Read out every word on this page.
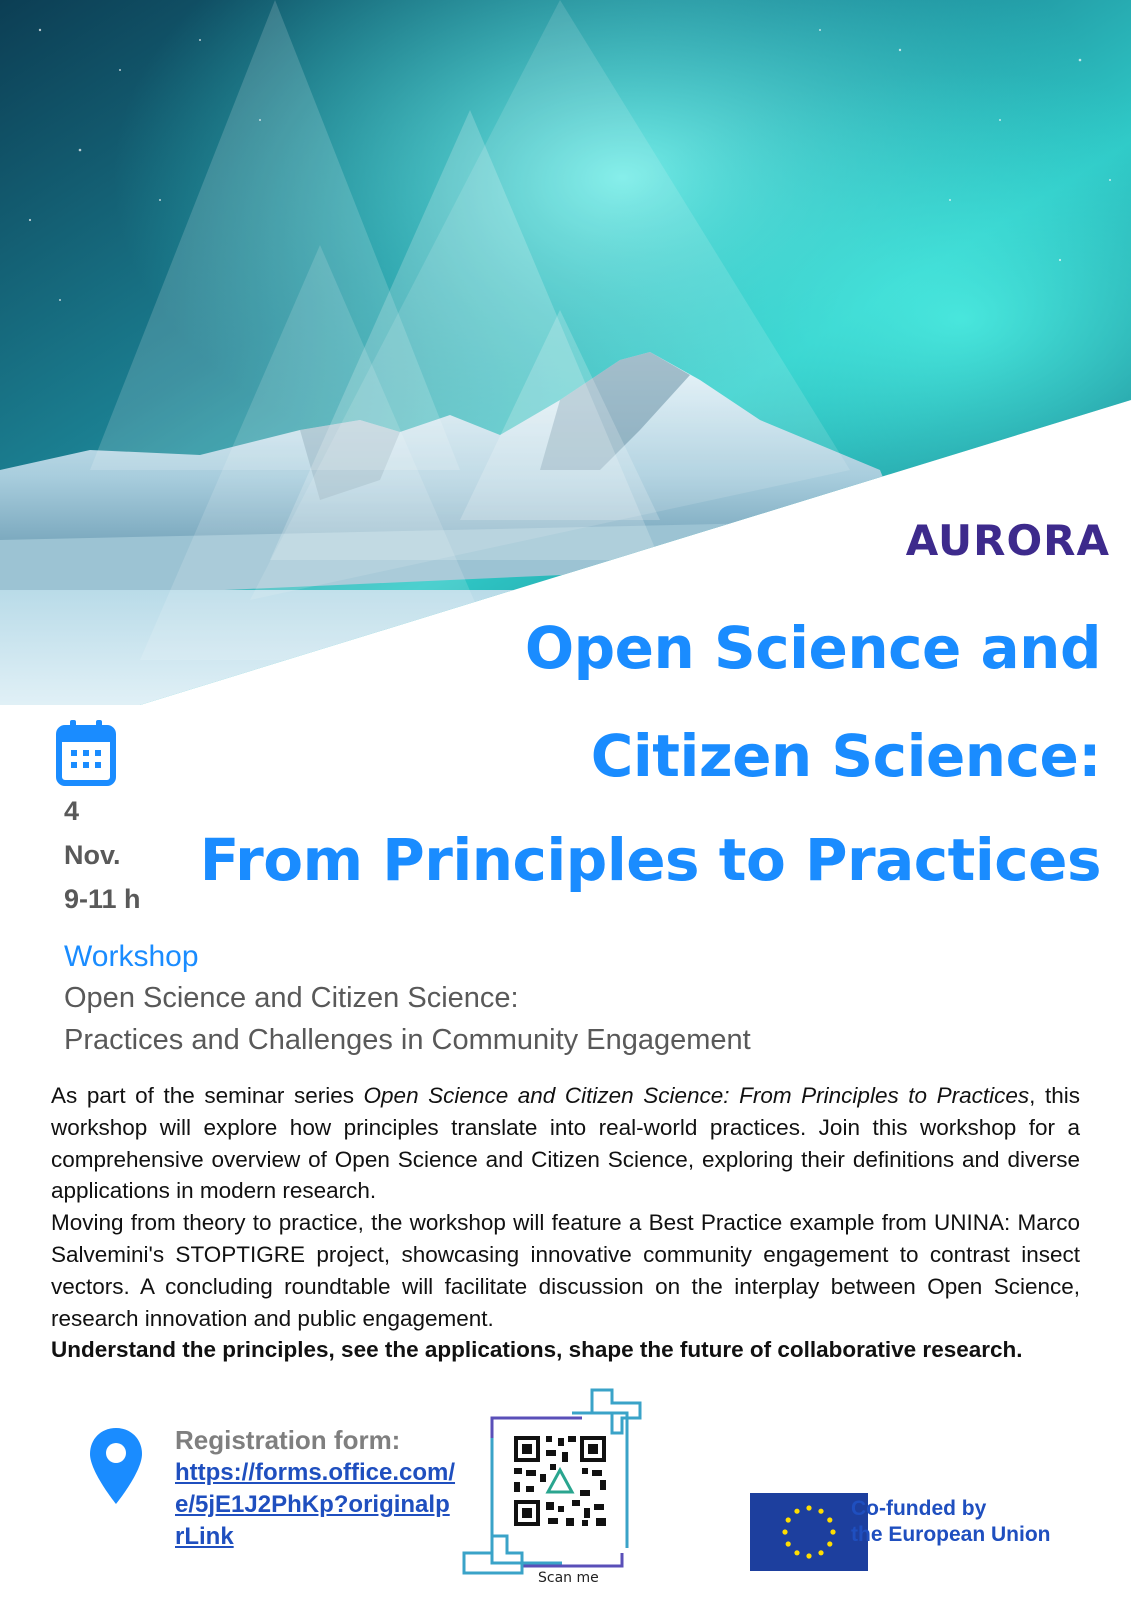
AURORA
Open Science and
Citizen Science:
From Principles to Practices
4
Nov.
9-11 h
Workshop
Open Science and Citizen Science:
Practices and Challenges in Community Engagement

As part of the seminar series Open Science and Citizen Science: From Principles to Practices, this workshop will explore how principles translate into real-world practices. Join this workshop for a comprehensive overview of Open Science and Citizen Science, exploring their definitions and diverse applications in modern research.

Moving from theory to practice, the workshop will feature a Best Practice example from UNINA: Marco Salvemini's STOPTIGRE project, showcasing innovative community engagement to contrast insect vectors. A concluding roundtable will facilitate discussion on the interplay between Open Science, research innovation and public engagement.

Understand the principles, see the applications, shape the future of collaborative research.

Registration form:
https://forms.office.com/e/5jE1J2PhKp?originalprLink
Scan me
Co-funded by
the European Union
